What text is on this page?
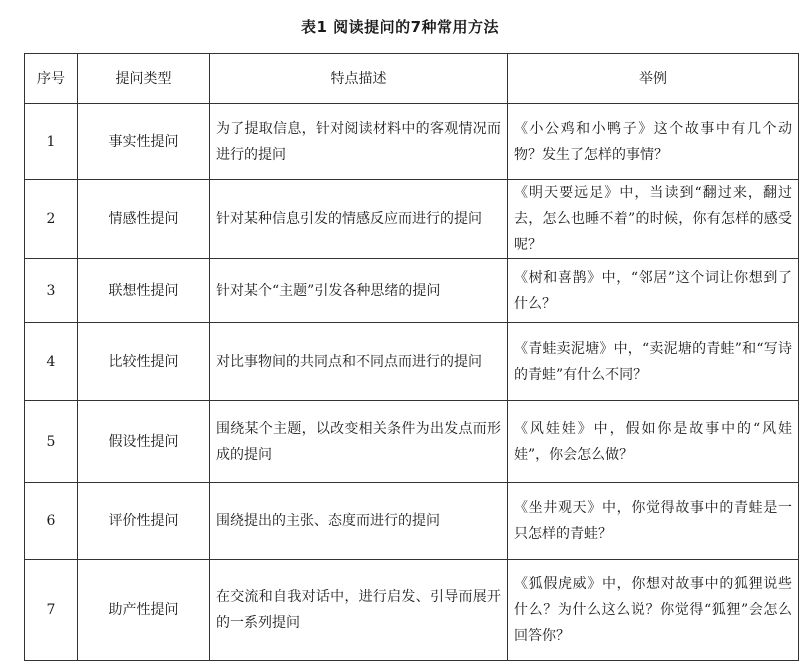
表1 阅读提问的7种常用方法
序号	提问类型	特点描述	举例
1	事实性提问	为了提取信息，针对阅读材料中的客观情况而进行的提问	《小公鸡和小鸭子》这个故事中有几个动物？发生了怎样的事情？
2	情感性提问	针对某种信息引发的情感反应而进行的提问	《明天要远足》中，当读到“翻过来，翻过去，怎么也睡不着”的时候，你有怎样的感受呢？
3	联想性提问	针对某个“主题”引发各种思绪的提问	《树和喜鹊》中，“邻居”这个词让你想到了什么？
4	比较性提问	对比事物间的共同点和不同点而进行的提问	《青蛙卖泥塘》中，“卖泥塘的青蛙”和“写诗的青蛙”有什么不同？
5	假设性提问	围绕某个主题，以改变相关条件为出发点而形成的提问	《风娃娃》中，假如你是故事中的“风娃娃”，你会怎么做？
6	评价性提问	围绕提出的主张、态度而进行的提问	《坐井观天》中，你觉得故事中的青蛙是一只怎样的青蛙？
7	助产性提问	在交流和自我对话中，进行启发、引导而展开的一系列提问	《狐假虎威》中，你想对故事中的狐狸说些什么？为什么这么说？你觉得“狐狸”会怎么回答你？
